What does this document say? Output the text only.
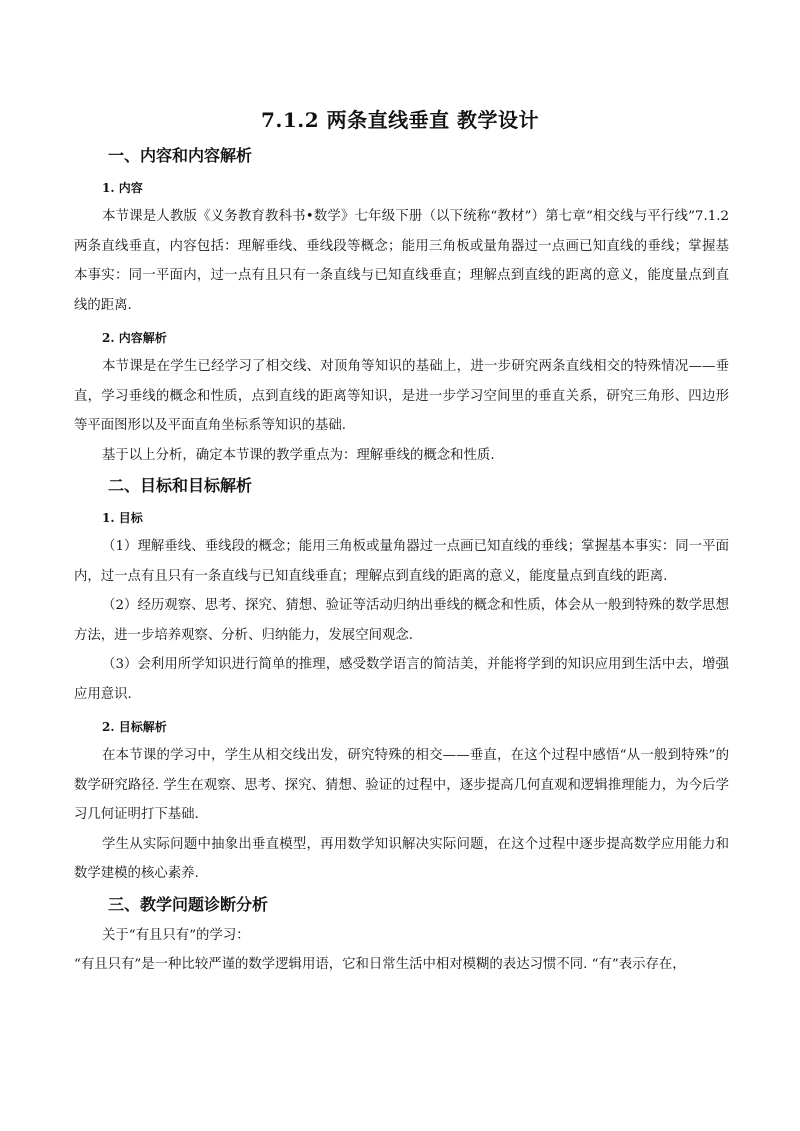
7.1.2 两条直线垂直 教学设计
一、内容和内容解析
1. 内容

本节课是人教版《义务教育教科书•数学》七年级下册（以下统称“教材”）第七章“相交线与平行线”7.1.2两条直线垂直，内容包括：理解垂线、垂线段等概念；能用三角板或量角器过一点画已知直线的垂线；掌握基本事实：同一平面内，过一点有且只有一条直线与已知直线垂直；理解点到直线的距离的意义，能度量点到直线的距离.

2. 内容解析

本节课是在学生已经学习了相交线、对顶角等知识的基础上，进一步研究两条直线相交的特殊情况——垂直，学习垂线的概念和性质，点到直线的距离等知识，是进一步学习空间里的垂直关系，研究三角形、四边形等平面图形以及平面直角坐标系等知识的基础.

基于以上分析，确定本节课的教学重点为：理解垂线的概念和性质.

二、目标和目标解析
1. 目标

（1）理解垂线、垂线段的概念；能用三角板或量角器过一点画已知直线的垂线；掌握基本事实：同一平面内，过一点有且只有一条直线与已知直线垂直；理解点到直线的距离的意义，能度量点到直线的距离.

（2）经历观察、思考、探究、猜想、验证等活动归纳出垂线的概念和性质，体会从一般到特殊的数学思想方法，进一步培养观察、分析、归纳能力，发展空间观念.

（3）会利用所学知识进行简单的推理，感受数学语言的简洁美，并能将学到的知识应用到生活中去，增强应用意识.

2. 目标解析

在本节课的学习中，学生从相交线出发，研究特殊的相交——垂直，在这个过程中感悟“从一般到特殊”的数学研究路径. 学生在观察、思考、探究、猜想、验证的过程中，逐步提高几何直观和逻辑推理能力，为今后学习几何证明打下基础.

学生从实际问题中抽象出垂直模型，再用数学知识解决实际问题，在这个过程中逐步提高数学应用能力和数学建模的核心素养.

三、教学问题诊断分析

关于“有且只有”的学习：

“有且只有”是一种比较严谨的数学逻辑用语，它和日常生活中相对模糊的表达习惯不同. “有”表示存在，
